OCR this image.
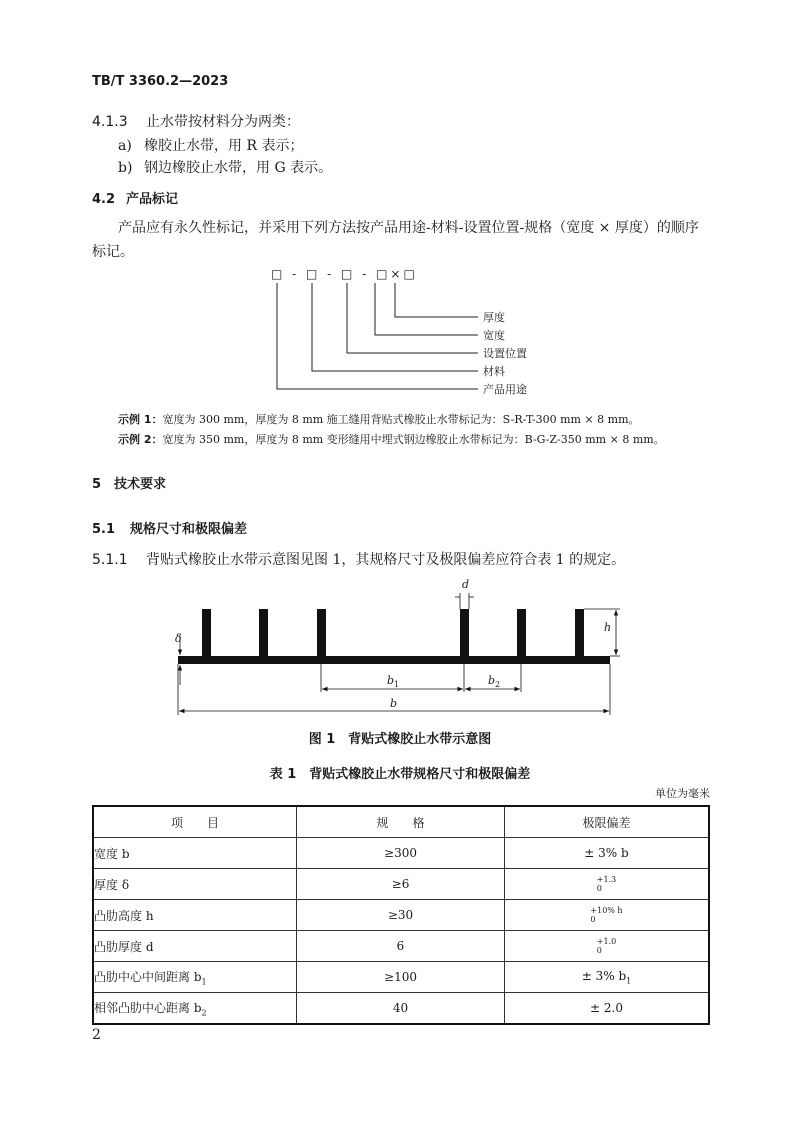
TB/T 3360.2—2023
4.1.3 止水带按材料分为两类：
a) 橡胶止水带，用 R 表示；
b) 钢边橡胶止水带，用 G 表示。
4.2 产品标记
产品应有永久性标记，并采用下列方法按产品用途-材料-设置位置-规格（宽度 × 厚度）的顺序
标记。
□ - □ - □ - □×□
厚度
宽度
设置位置
材料
产品用途
示例 1：宽度为 300 mm，厚度为 8 mm 施工缝用背贴式橡胶止水带标记为：S-R-T-300 mm × 8 mm。
示例 2：宽度为 350 mm，厚度为 8 mm 变形缝用中埋式钢边橡胶止水带标记为：B-G-Z-350 mm × 8 mm。
5 技术要求
5.1 规格尺寸和极限偏差
5.1.1 背贴式橡胶止水带示意图见图 1，其规格尺寸及极限偏差应符合表 1 的规定。
d
h
δ
$b_1$	$b_2$
b
图 1　背贴式橡胶止水带示意图
表 1　背贴式橡胶止水带规格尺寸和极限偏差
单位为毫米
项　　目	规　　格	极限偏差
宽度 b	≥300	± 3% b
厚度 δ	≥6	+1.3
0

凸肋高度 h	≥30	+10% h
0

凸肋厚度 d	6	+1.0
0

凸肋中心中间距离 $b_1$	≥100	± 3% $b_1$
相邻凸肋中心距离 $b_2$	40	± 2.0
2
